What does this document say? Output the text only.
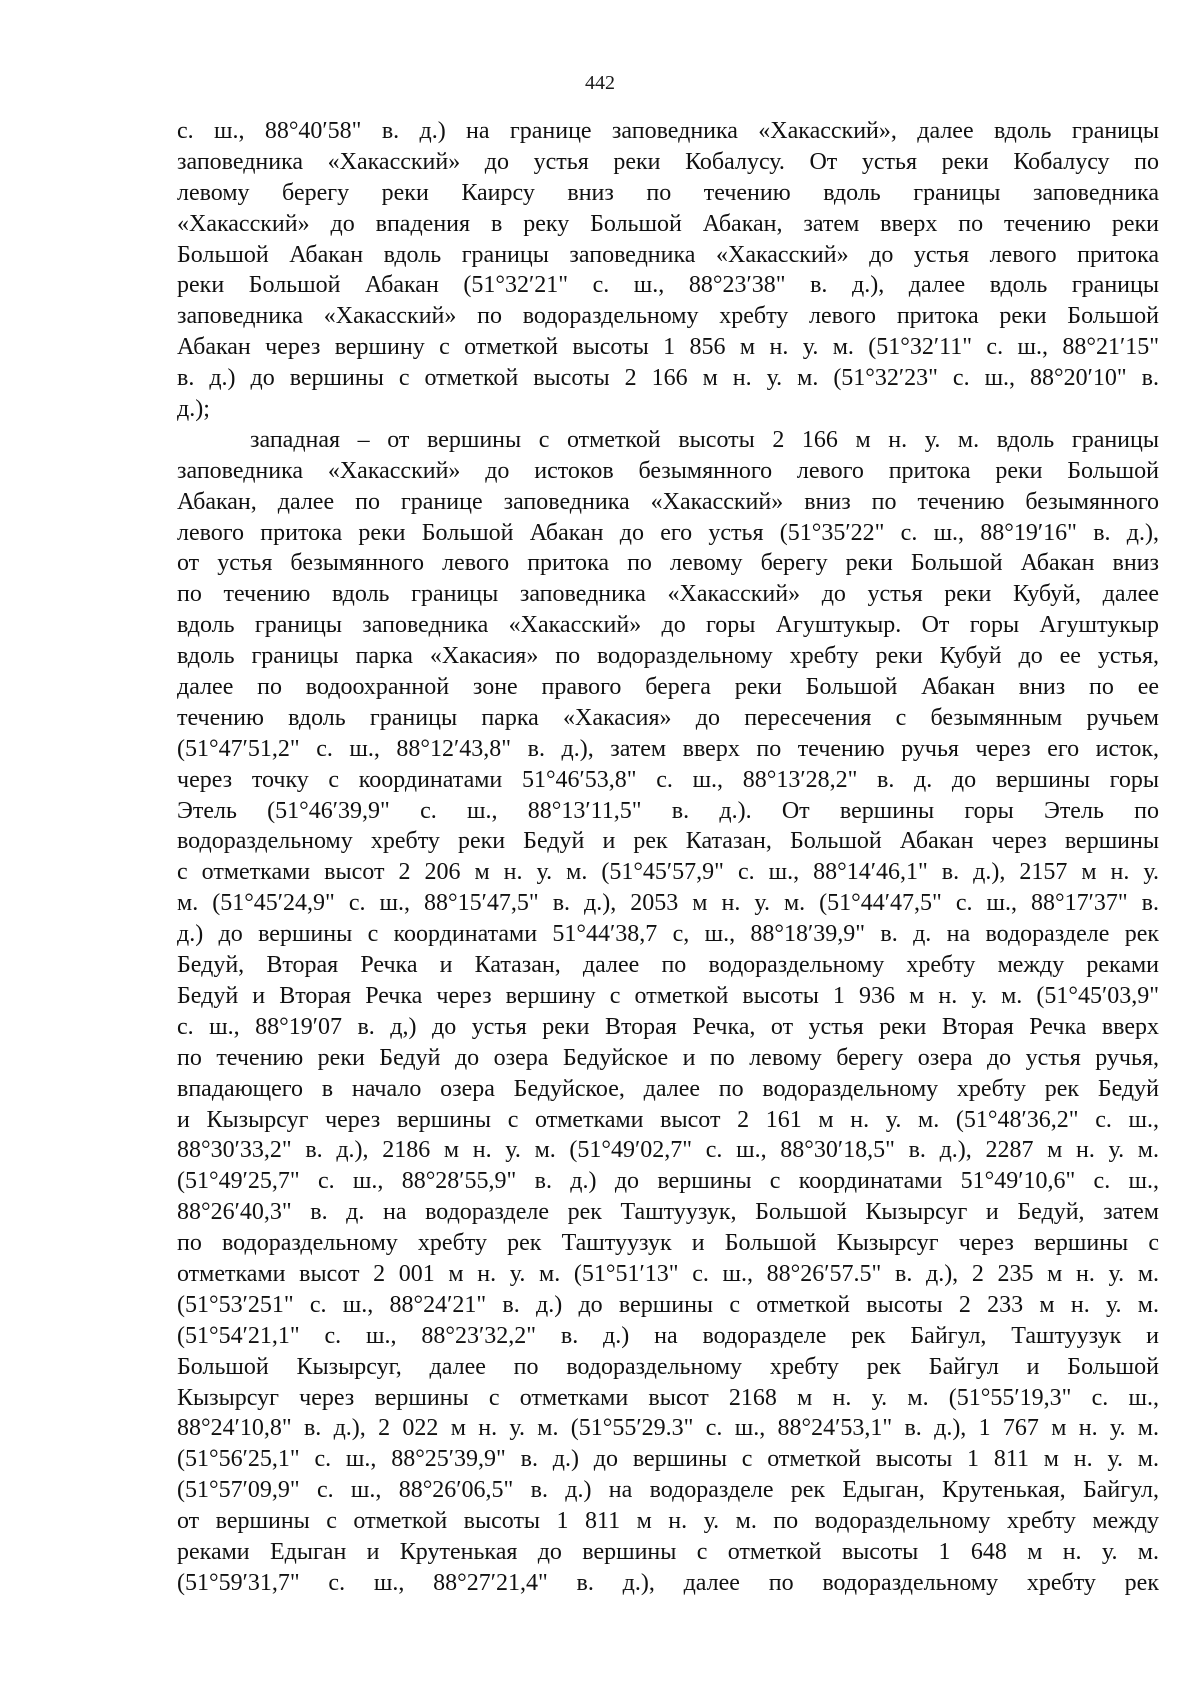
442
с. ш., 88°40′58" в. д.) на границе заповедника «Хакасский», далее вдоль границы
заповедника «Хакасский» до устья реки Кобалусу. От устья реки Кобалусу по
левому берегу реки Каирсу вниз по течению вдоль границы заповедника
«Хакасский» до впадения в реку Большой Абакан, затем вверх по течению реки
Большой Абакан вдоль границы заповедника «Хакасский» до устья левого притока
реки Большой Абакан (51°32′21" с. ш., 88°23′38" в. д.), далее вдоль границы
заповедника «Хакасский» по водораздельному хребту левого притока реки Большой
Абакан через вершину с отметкой высоты 1 856 м н. у. м. (51°32′11" с. ш., 88°21′15"
в. д.) до вершины с отметкой высоты 2 166 м н. у. м. (51°32′23" с. ш., 88°20′10" в.
д.);
западная – от вершины с отметкой высоты 2 166 м н. у. м. вдоль границы
заповедника «Хакасский» до истоков безымянного левого притока реки Большой
Абакан, далее по границе заповедника «Хакасский» вниз по течению безымянного
левого притока реки Большой Абакан до его устья (51°35′22" с. ш., 88°19′16" в. д.),
от устья безымянного левого притока по левому берегу реки Большой Абакан вниз
по течению вдоль границы заповедника «Хакасский» до устья реки Кубуй, далее
вдоль границы заповедника «Хакасский» до горы Агуштукыр. От горы Агуштукыр
вдоль границы парка «Хакасия» по водораздельному хребту реки Кубуй до ее устья,
далее по водоохранной зоне правого берега реки Большой Абакан вниз по ее
течению вдоль границы парка «Хакасия» до пересечения с безымянным ручьем
(51°47′51,2" с. ш., 88°12′43,8" в. д.), затем вверх по течению ручья через его исток,
через точку с координатами 51°46′53,8" с. ш., 88°13′28,2" в. д. до вершины горы
Этель (51°46′39,9" с. ш., 88°13′11,5" в. д.). От вершины горы Этель по
водораздельному хребту реки Бедуй и рек Катазан, Большой Абакан через вершины
с отметками высот 2 206 м н. у. м. (51°45′57,9" с. ш., 88°14′46,1" в. д.), 2157 м н. у.
м. (51°45′24,9" с. ш., 88°15′47,5" в. д.), 2053 м н. у. м. (51°44′47,5" с. ш., 88°17′37" в.
д.) до вершины с координатами 51°44′38,7 с, ш., 88°18′39,9" в. д. на водоразделе рек
Бедуй, Вторая Речка и Катазан, далее по водораздельному хребту между реками
Бедуй и Вторая Речка через вершину с отметкой высоты 1 936 м н. у. м. (51°45′03,9"
с. ш., 88°19′07 в. д,) до устья реки Вторая Речка, от устья реки Вторая Речка вверх
по течению реки Бедуй до озера Бедуйское и по левому берегу озера до устья ручья,
впадающего в начало озера Бедуйское, далее по водораздельному хребту рек Бедуй
и Кызырсуг через вершины с отметками высот 2 161 м н. у. м. (51°48′36,2" с. ш.,
88°30′33,2" в. д.), 2186 м н. у. м. (51°49′02,7" с. ш., 88°30′18,5" в. д.), 2287 м н. у. м.
(51°49′25,7" с. ш., 88°28′55,9" в. д.) до вершины с координатами 51°49′10,6" с. ш.,
88°26′40,3" в. д. на водоразделе рек Таштуузук, Большой Кызырсуг и Бедуй, затем
по водораздельному хребту рек Таштуузук и Большой Кызырсуг через вершины с
отметками высот 2 001 м н. у. м. (51°51′13" с. ш., 88°26′57.5" в. д.), 2 235 м н. у. м.
(51°53′251" с. ш., 88°24′21" в. д.) до вершины с отметкой высоты 2 233 м н. у. м.
(51°54′21,1" с. ш., 88°23′32,2" в. д.) на водоразделе рек Байгул, Таштуузук и
Большой Кызырсуг, далее по водораздельному хребту рек Байгул и Большой
Кызырсуг через вершины с отметками высот 2168 м н. у. м. (51°55′19,3" с. ш.,
88°24′10,8" в. д.), 2 022 м н. у. м. (51°55′29.3" с. ш., 88°24′53,1" в. д.), 1 767 м н. у. м.
(51°56′25,1" с. ш., 88°25′39,9" в. д.) до вершины с отметкой высоты 1 811 м н. у. м.
(51°57′09,9" с. ш., 88°26′06,5" в. д.) на водоразделе рек Едыган, Крутенькая, Байгул,
от вершины с отметкой высоты 1 811 м н. у. м. по водораздельному хребту между
реками Едыган и Крутенькая до вершины с отметкой высоты 1 648 м н. у. м.
(51°59′31,7" с. ш., 88°27′21,4" в. д.), далее по водораздельному хребту рек
